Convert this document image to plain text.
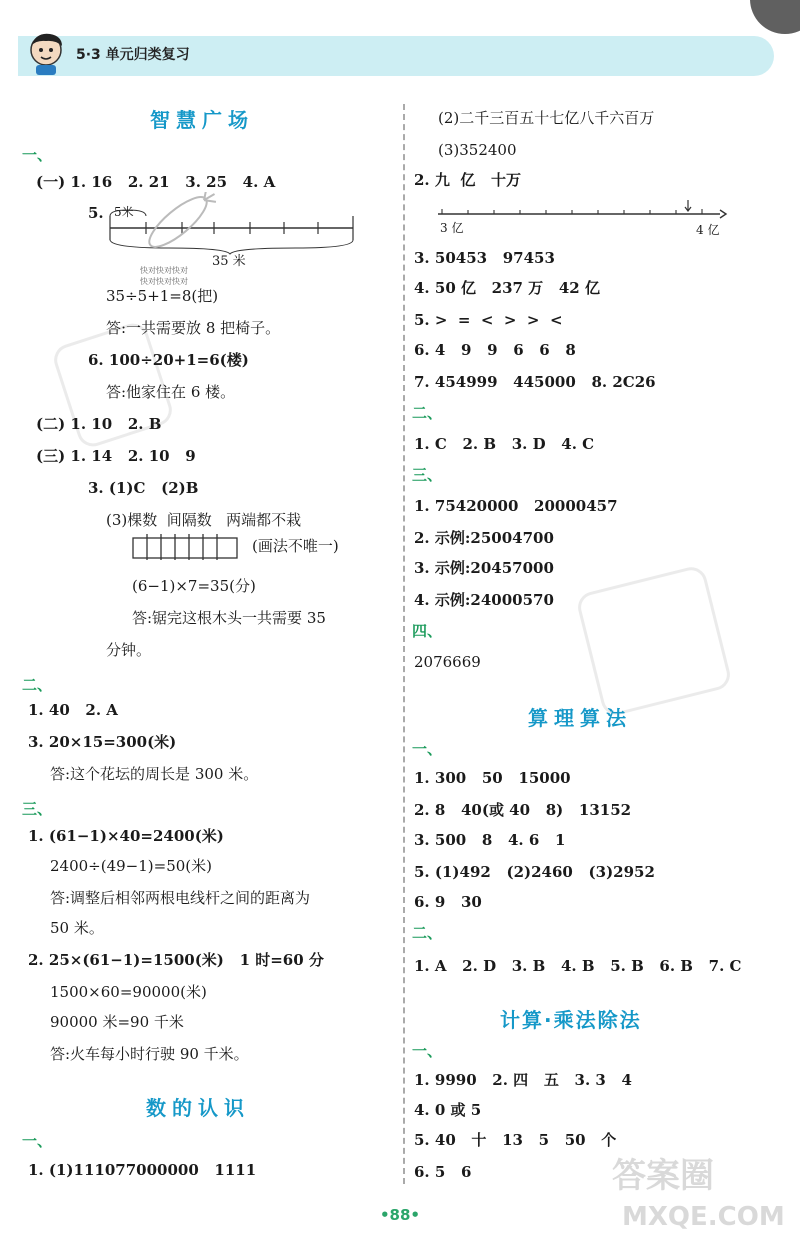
5·3 单元归类复习
智慧广场
一、
(一) 1. 16   2. 21   3. 25   4. A
5. 5米
35 米
快对快对快对
快对快对快对
35÷5+1=8(把)
答:一共需要放 8 把椅子。
6. 100÷20+1=6(楼)
答:他家住在 6 楼。
(二) 1. 10   2. B
(三) 1. 14   2. 10   9
3. (1)C   (2)B
(3)棵数  间隔数   两端都不栽
(画法不唯一)
(6−1)×7=35(分)
答:锯完这根木头一共需要 35
分钟。
二、
1. 40   2. A
3. 20×15=300(米)
答:这个花坛的周长是 300 米。
三、
1. (61−1)×40=2400(米)
2400÷(49−1)=50(米)
答:调整后相邻两根电线杆之间的距离为
50 米。
2. 25×(61−1)=1500(米)   1 时=60 分
1500×60=90000(米)
90000 米=90 千米
答:火车每小时行驶 90 千米。
数的认识
一、
1. (1)111077000000   1111
(2)二千三百五十七亿八千六百万
(3)352400
2. 九  亿   十万
3 亿	4 亿
3. 50453   97453
4. 50 亿   237 万   42 亿
5. >  =  <  >  >  <
6. 4   9   9   6   6   8
7. 454999   445000   8. 2C26
二、
1. C   2. B   3. D   4. C
三、
1. 75420000   20000457
2. 示例:25004700
3. 示例:20457000
4. 示例:24000570
四、
2076669
算理算法
一、
1. 300   50   15000
2. 8   40(或 40   8)   13152
3. 500   8   4. 6   1
5. (1)492   (2)2460   (3)2952
6. 9   30
二、
1. A   2. D   3. B   4. B   5. B   6. B   7. C
计算·乘法除法
一、
1. 9990   2. 四   五   3. 3   4
4. 0 或 5
5. 40   十   13   5   50   个
6. 5   6	答案圈
MXQE.COM
•88•
